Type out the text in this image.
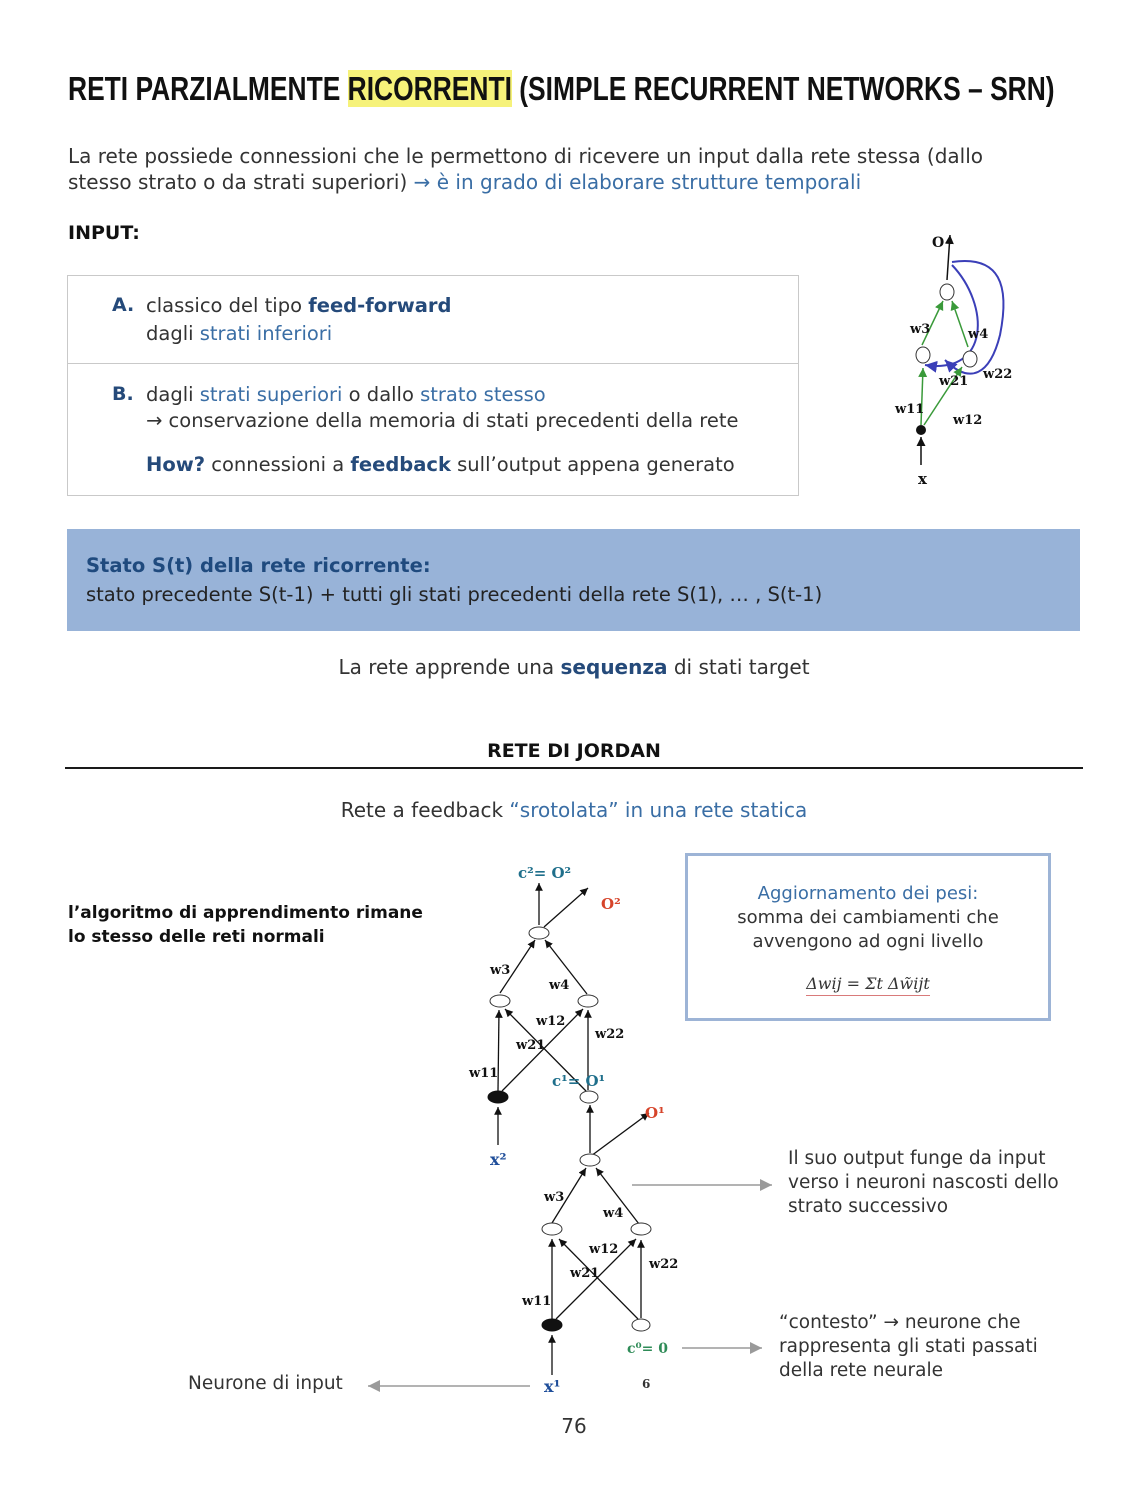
RETI PARZIALMENTE RICORRENTI (SIMPLE RECURRENT NETWORKS – SRN)
La rete possiede connessioni che le permettono di ricevere un input dalla rete stessa (dallo
stesso strato o da strati superiori) → è in grado di elaborare strutture temporali
INPUT:
A. classico del tipo feed-forward
dagli strati inferiori
B. dagli strati superiori o dallo strato stesso
→ conservazione della memoria di stati precedenti della rete
How? connessioni a feedback sull’output appena generato
O
x
w3	w4
w21 w22
w11
w12
Stato S(t) della rete ricorrente:
stato precedente S(t-1) + tutti gli stati precedenti della rete S(1), … , S(t-1)
La rete apprende una sequenza di stati target
RETE DI JORDAN
Rete a feedback “srotolata” in una rete statica
l’algoritmo di apprendimento rimane lo stesso delle reti normali
Aggiornamento dei pesi:
somma dei cambiamenti che avvengono ad ogni livello
Δwij = Σt Δw̃ijt
c²= O²
O²
w3
w4
w12
w21
w22
w11	c¹= O¹
O¹
x²
w3
w4
w12
w21
w22
w11
c⁰= 0
x¹	6
Il suo output funge da input verso i neuroni nascosti dello strato successivo
“contesto” → neurone che rappresenta gli stati passati della rete neurale
Neurone di input
76
